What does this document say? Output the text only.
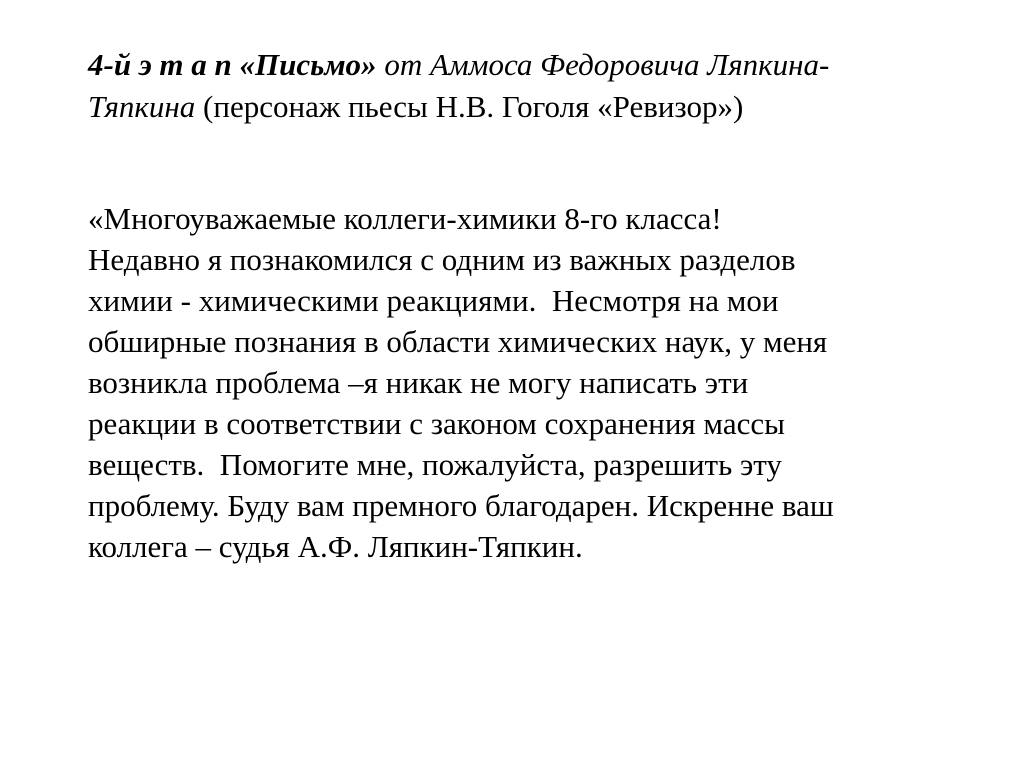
4-й э т а п «Письмо» от Аммоса Федоровича Ляпкина-
Тяпкина (персонаж пьесы Н.В. Гоголя «Ревизор»)

«Многоуважаемые коллеги-химики 8-го класса!
Недавно я познакомился с одним из важных разделов
химии - химическими реакциями.  Несмотря на мои
обширные познания в области химических наук, у меня
возникла проблема –я никак не могу написать эти
реакции в соответствии с законом сохранения массы
веществ.  Помогите мне, пожалуйста, разрешить эту
проблему. Буду вам премного благодарен. Искренне ваш
коллега – судья А.Ф. Ляпкин-Тяпкин.
